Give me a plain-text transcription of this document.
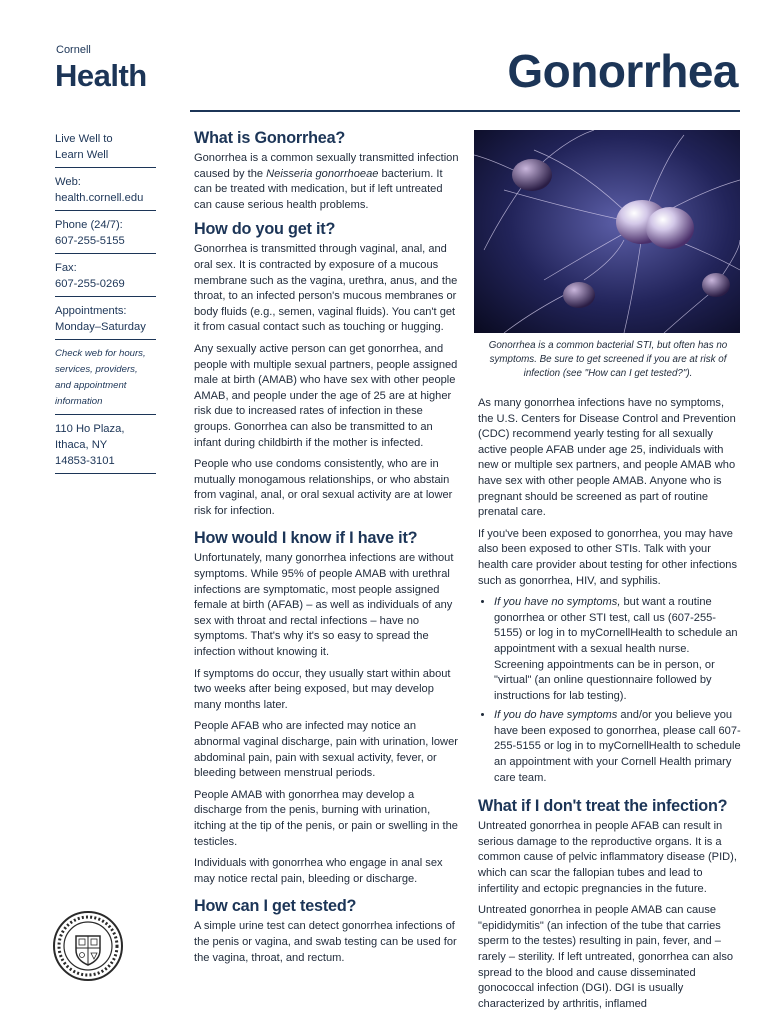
Cornell
Health	Gonorrhea
Live Well to
Learn Well
Web:
health.cornell.edu
Phone (24/7):
607-255-5155
Fax:
607-255-0269
Appointments:
Monday–Saturday
Check web for hours,
services, providers,
and appointment
information
110 Ho Plaza,
Ithaca, NY
14853-3101
What is Gonorrhea?

Gonorrhea is a common sexually transmitted infection caused by the Neisseria gonorrhoeae bacterium. It can be treated with medication, but if left untreated can cause serious health problems.

How do you get it?

Gonorrhea is transmitted through vaginal, anal, and oral sex. It is contracted by exposure of a mucous membrane such as the vagina, urethra, anus, and the throat, to an infected person's mucous membranes or body fluids (e.g., semen, vaginal fluids). You can't get it from casual contact such as touching or hugging.

Any sexually active person can get gonorrhea, and people with multiple sexual partners, people assigned male at birth (AMAB) who have sex with other people AMAB, and people under the age of 25 are at higher risk due to increased rates of infection in these groups. Gonorrhea can also be transmitted to an infant during childbirth if the mother is infected.

People who use condoms consistently, who are in mutually monogamous relationships, or who abstain from vaginal, anal, or oral sexual activity are at lower risk for infection.

How would I know if I have it?

Unfortunately, many gonorrhea infections are without symptoms. While 95% of people AMAB with urethral infections are symptomatic, most people assigned female at birth (AFAB) – as well as individuals of any sex with throat and rectal infections – have no symptoms. That's why it's so easy to spread the infection without knowing it.

If symptoms do occur, they usually start within about two weeks after being exposed, but may develop many months later.

People AFAB who are infected may notice an abnormal vaginal discharge, pain with urination, lower abdominal pain, pain with sexual activity, fever, or bleeding between menstrual periods.

People AMAB with gonorrhea may develop a discharge from the penis, burning with urination, itching at the tip of the penis, or pain or swelling in the testicles.

Individuals with gonorrhea who engage in anal sex may notice rectal pain, bleeding or discharge.

How can I get tested?

A simple urine test can detect gonorrhea infections of the penis or vagina, and swab testing can be used for the vagina, throat, and rectum.

Gonorrhea is a common bacterial STI, but often has no symptoms. Be sure to get screened if you are at risk of infection (see "How can I get tested?").

As many gonorrhea infections have no symptoms, the U.S. Centers for Disease Control and Prevention (CDC) recommend yearly testing for all sexually active people AFAB under age 25, individuals with new or multiple sex partners, and people AMAB who have sex with other people AMAB. Anyone who is pregnant should be screened as part of routine prenatal care.

If you've been exposed to gonorrhea, you may have also been exposed to other STIs. Talk with your health care provider about testing for other infections such as gonorrhea, HIV, and syphilis.

• If you have no symptoms, but want a routine gonorrhea or other STI test, call us (607-255-5155) or log in to myCornellHealth to schedule an appointment with a sexual health nurse. Screening appointments can be in person, or "virtual" (an online questionnaire followed by instructions for lab testing).
• If you do have symptoms and/or you believe you have been exposed to gonorrhea, please call 607-255-5155 or log in to myCornellHealth to schedule an appointment with your Cornell Health primary care team.
What if I don't treat the infection?

Untreated gonorrhea in people AFAB can result in serious damage to the reproductive organs. It is a common cause of pelvic inflammatory disease (PID), which can scar the fallopian tubes and lead to infertility and ectopic pregnancies in the future.

Untreated gonorrhea in people AMAB can cause "epididymitis" (an infection of the tube that carries sperm to the testes) resulting in pain, fever, and – rarely – sterility. If left untreated, gonorrhea can also spread to the blood and cause disseminated gonococcal infection (DGI). DGI is usually characterized by arthritis, inflamed
